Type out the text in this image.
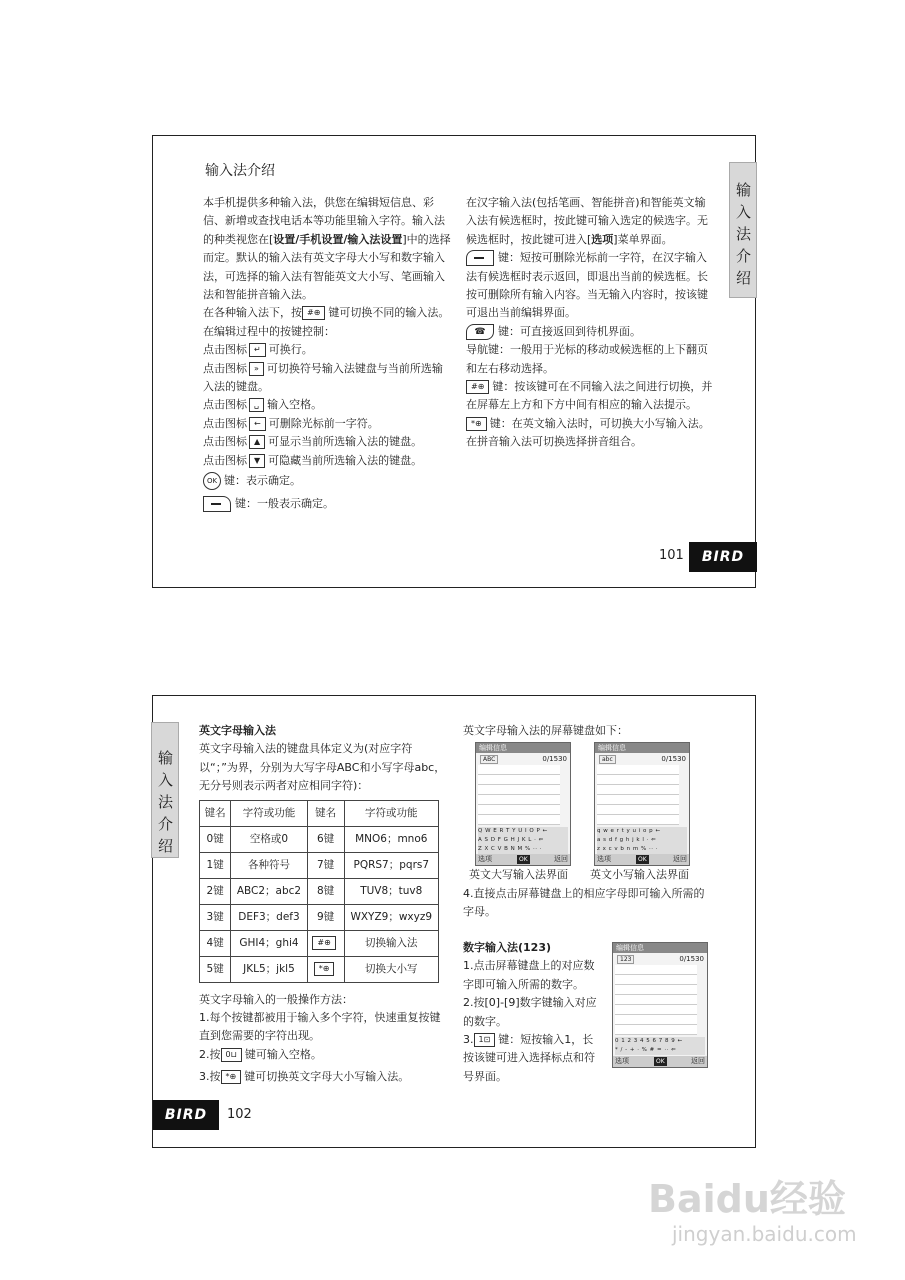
输入法介绍
输入法介绍

本手机提供多种输入法，供您在编辑短信息、彩信、新增或查找电话本等功能里输入字符。输入法的种类视您在[设置/手机设置/输入法设置]中的选择而定。默认的输入法有英文字母大小写和数字输入法，可选择的输入法有智能英文大小写、笔画输入法和智能拼音输入法。

在各种输入法下，按 #⊕ 键可切换不同的输入法。

在编辑过程中的按键控制：

点击图标 ↵ 可换行。

点击图标 » 可切换符号输入法键盘与当前所选输入法的键盘。

点击图标 ␣ 输入空格。

点击图标 ← 可删除光标前一字符。

点击图标 ▲ 可显示当前所选输入法的键盘。

点击图标 ▼ 可隐藏当前所选输入法的键盘。

OK 键：表示确定。

键：一般表示确定。

在汉字输入法(包括笔画、智能拼音)和智能英文输入法有候选框时，按此键可输入选定的候选字。无候选框时，按此键可进入[选项]菜单界面。

键：短按可删除光标前一字符，在汉字输入法有候选框时表示返回，即退出当前的候选框。长按可删除所有输入内容。当无输入内容时，按该键可退出当前编辑界面。

☎ 键：可直接返回到待机界面。

导航键：一般用于光标的移动或候选框的上下翻页和左右移动选择。

#⊕ 键：按该键可在不同输入法之间进行切换，并在屏幕左上方和下方中间有相应的输入法提示。

*⊕ 键：在英文输入法时，可切换大小写输入法。在拼音输入法可切换选择拼音组合。

101	BIRD
输入法介绍

英文字母输入法

英文字母输入法的键盘具体定义为(对应字符以“；”为界，分别为大写字母ABC和小写字母abc，无分号则表示两者对应相同字符)：

键名	字符或功能	键名	字符或功能
0键	空格或0	6键	MNO6；mno6
1键	各种符号	7键	PQRS7；pqrs7
2键	ABC2；abc2	8键	TUV8；tuv8
3键	DEF3；def3	9键	WXYZ9；wxyz9
4键	GHI4；ghi4	#⊕	切换输入法
5键	JKL5；jkl5	*⊕	切换大小写

英文字母输入的一般操作方法：

1.每个按键都被用于输入多个字符，快速重复按键直到您需要的字符出现。

2.按 0⊔ 键可输入空格。

3.按 *⊕ 键可切换英文字母大小写输入法。

英文字母输入法的屏幕键盘如下：
编辑信息
ABC	0/1530
Q W E R T Y U I O P ←
A S D F G H J K L · ⇐
Z X C V B N M % ·· ·
选项	OK	返回
编辑信息
abc	0/1530
q w e r t y u i o p ←
a s d f g h j k l · ⇐
z x c v b n m % ·· ·
选项	OK	返回
英文大写输入法界面	英文小写输入法界面
4.直接点击屏幕键盘上的相应字母即可输入所需的字母。

数字输入法(123)

1.点击屏幕键盘上的对应数字即可输入所需的数字。

2.按[0]-[9]数字键输入对应的数字。

3. 1⊡ 键：短按输入1，长按该键可进入选择标点和符号界面。

编辑信息
123	0/1530
0 1 2 3 4 5 6 7 8 9 ←
* / - + · % # = ·· ⇐
选项	OK	返回
BIRD	102
Baidu经验
jingyan.baidu.com
